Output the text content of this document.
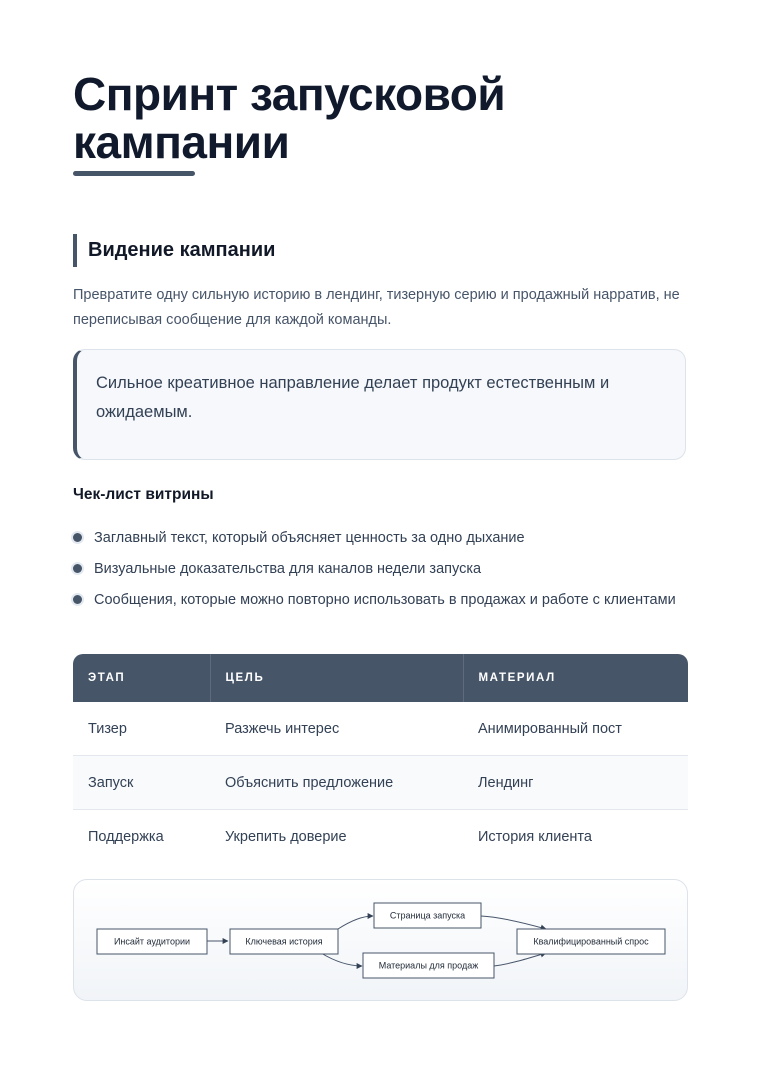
Спринт запусковой кампании
Видение кампании

Превратите одну сильную историю в лендинг, тизерную серию и продажный нарратив, не переписывая сообщение для каждой команды.

Сильное креативное направление делает продукт естественным и ожидаемым.
Чек-лист витрины
Заглавный текст, который объясняет ценность за одно дыхание
Визуальные доказательства для каналов недели запуска
Сообщения, которые можно повторно использовать в продажах и работе с клиентами
ЭТАП	ЦЕЛЬ	МАТЕРИАЛ
Тизер	Разжечь интерес	Анимированный пост
Запуск	Объяснить предложение	Лендинг
Поддержка	Укрепить доверие	История клиента
Инсайт аудитории	Ключевая история
Страница запуска
Материалы для продаж
Квалифицированный спрос
